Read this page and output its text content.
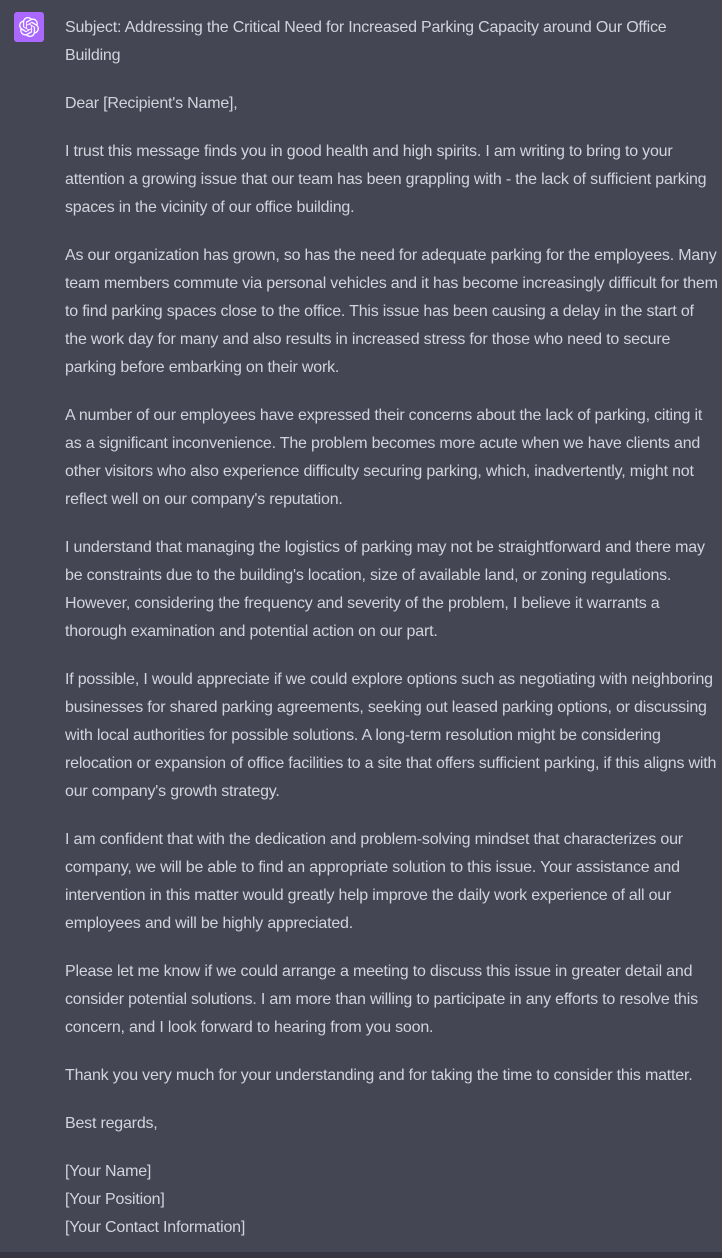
Subject: Addressing the Critical Need for Increased Parking Capacity around Our Office Building

Dear [Recipient's Name],

I trust this message finds you in good health and high spirits. I am writing to bring to your attention a growing issue that our team has been grappling with - the lack of sufficient parking spaces in the vicinity of our office building.

As our organization has grown, so has the need for adequate parking for the employees. Many team members commute via personal vehicles and it has become increasingly difficult for them to find parking spaces close to the office. This issue has been causing a delay in the start of the work day for many and also results in increased stress for those who need to secure parking before embarking on their work.

A number of our employees have expressed their concerns about the lack of parking, citing it as a significant inconvenience. The problem becomes more acute when we have clients and other visitors who also experience difficulty securing parking, which, inadvertently, might not reflect well on our company's reputation.

I understand that managing the logistics of parking may not be straightforward and there may be constraints due to the building's location, size of available land, or zoning regulations. However, considering the frequency and severity of the problem, I believe it warrants a thorough examination and potential action on our part.

If possible, I would appreciate if we could explore options such as negotiating with neighboring businesses for shared parking agreements, seeking out leased parking options, or discussing with local authorities for possible solutions. A long-term resolution might be considering relocation or expansion of office facilities to a site that offers sufficient parking, if this aligns with our company's growth strategy.

I am confident that with the dedication and problem-solving mindset that characterizes our company, we will be able to find an appropriate solution to this issue. Your assistance and intervention in this matter would greatly help improve the daily work experience of all our employees and will be highly appreciated.

Please let me know if we could arrange a meeting to discuss this issue in greater detail and consider potential solutions. I am more than willing to participate in any efforts to resolve this concern, and I look forward to hearing from you soon.

Thank you very much for your understanding and for taking the time to consider this matter.

Best regards,

[Your Name]
[Your Position]
[Your Contact Information]
